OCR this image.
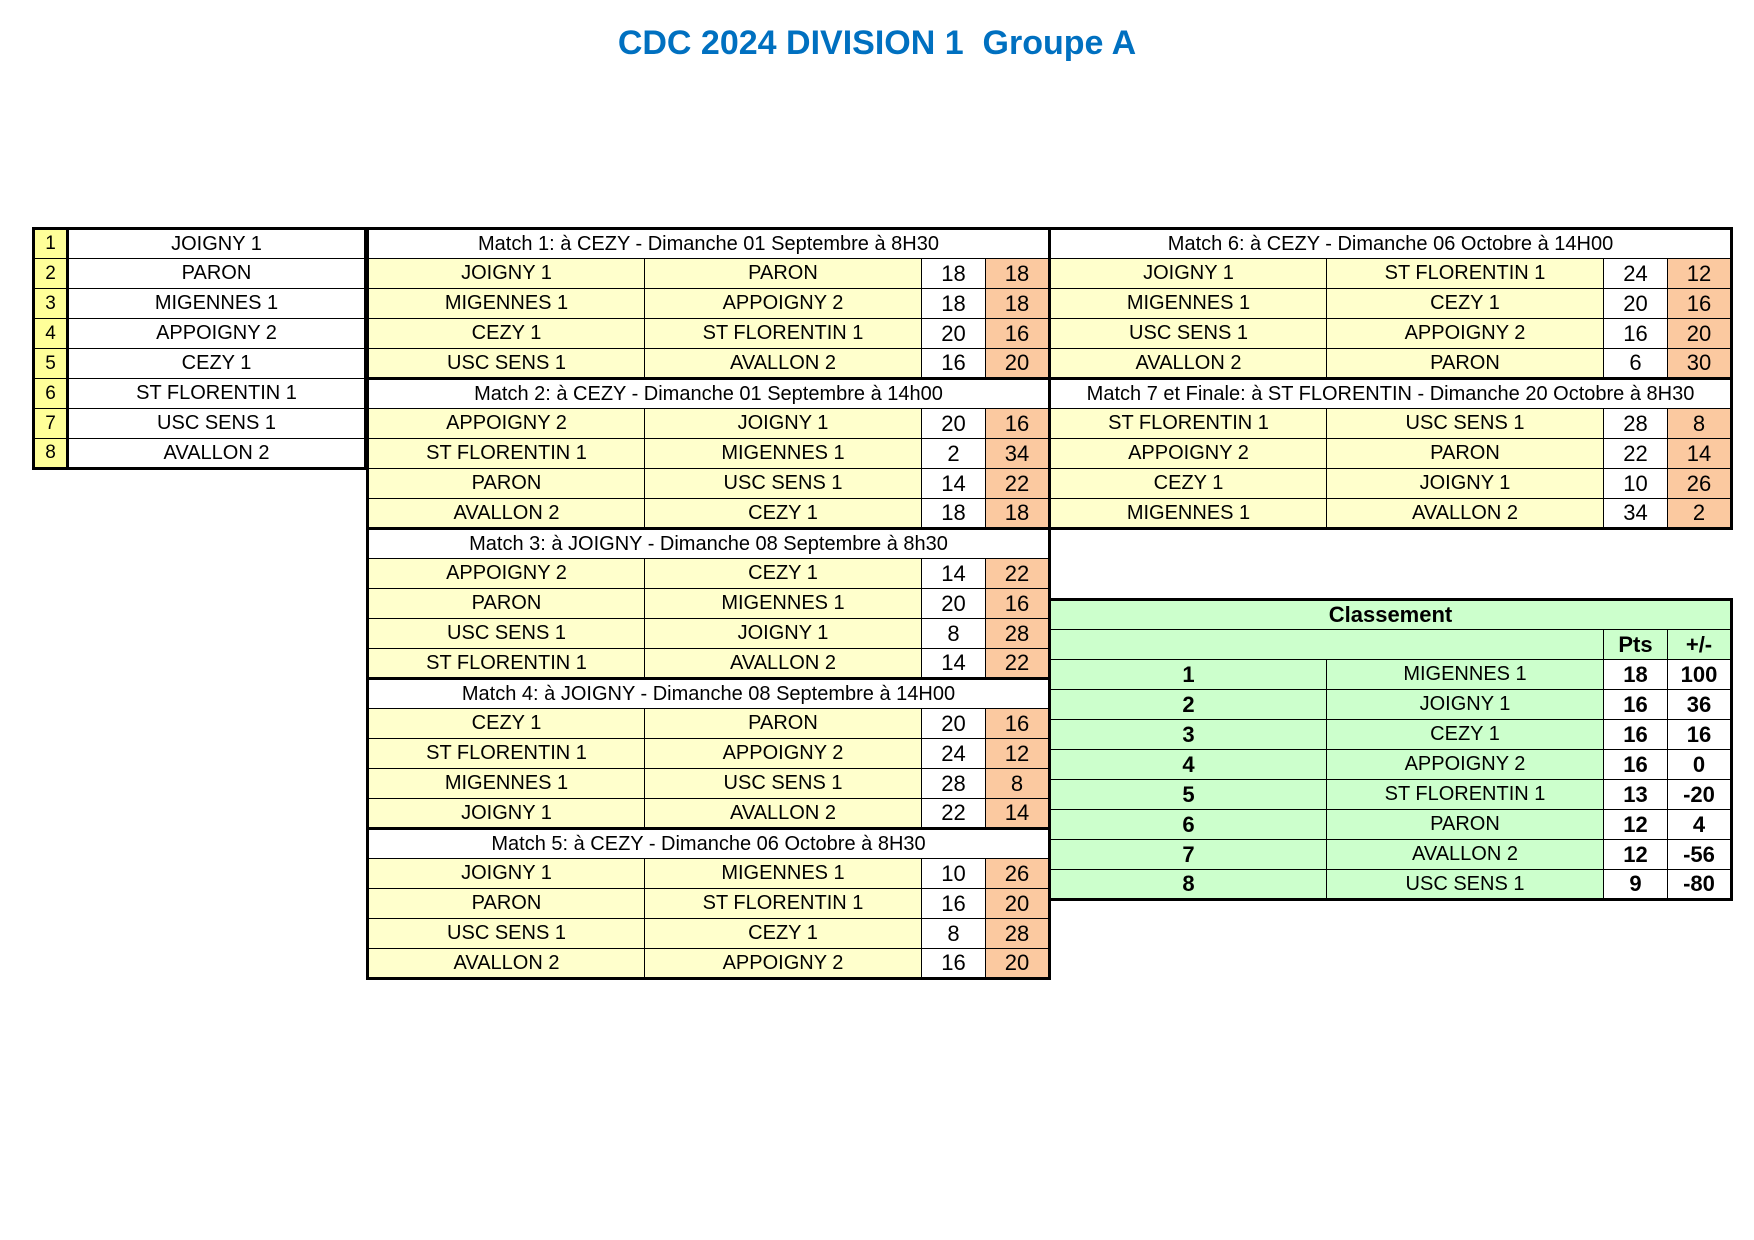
CDC 2024 DIVISION 1  Groupe A
1	JOIGNY 1
2	PARON
3	MIGENNES 1
4	APPOIGNY 2
5	CEZY 1
6	ST FLORENTIN 1
7	USC SENS 1
8	AVALLON 2
Match 1: à CEZY - Dimanche 01 Septembre à 8H30			
JOIGNY 1	PARON	18	18
MIGENNES 1	APPOIGNY 2	18	18
CEZY 1	ST FLORENTIN 1	20	16
USC SENS 1	AVALLON 2	16	20
Match 2: à CEZY - Dimanche 01 Septembre à 14h00			
APPOIGNY 2	JOIGNY 1	20	16
ST FLORENTIN 1	MIGENNES 1	2	34
PARON	USC SENS 1	14	22
AVALLON 2	CEZY 1	18	18
Match 3: à JOIGNY - Dimanche 08 Septembre à 8h30			
APPOIGNY 2	CEZY 1	14	22
PARON	MIGENNES 1	20	16
USC SENS 1	JOIGNY 1	8	28
ST FLORENTIN 1	AVALLON 2	14	22
Match 4: à JOIGNY - Dimanche 08 Septembre à 14H00			
CEZY 1	PARON	20	16
ST FLORENTIN 1	APPOIGNY 2	24	12
MIGENNES 1	USC SENS 1	28	8
JOIGNY 1	AVALLON 2	22	14
Match 5: à CEZY - Dimanche 06 Octobre à 8H30			
JOIGNY 1	MIGENNES 1	10	26
PARON	ST FLORENTIN 1	16	20
USC SENS 1	CEZY 1	8	28
AVALLON 2	APPOIGNY 2	16	20
Match 6: à CEZY - Dimanche 06 Octobre à 14H00			
JOIGNY 1	ST FLORENTIN 1	24	12
MIGENNES 1	CEZY 1	20	16
USC SENS 1	APPOIGNY 2	16	20
AVALLON 2	PARON	6	30
Match 7 et Finale: à ST FLORENTIN - Dimanche 20 Octobre à 8H30			
ST FLORENTIN 1	USC SENS 1	28	8
APPOIGNY 2	PARON	22	14
CEZY 1	JOIGNY 1	10	26
MIGENNES 1	AVALLON 2	34	2
Classement			
		Pts	+/-
1	MIGENNES 1	18	100
2	JOIGNY 1	16	36
3	CEZY 1	16	16
4	APPOIGNY 2	16	0
5	ST FLORENTIN 1	13	-20
6	PARON	12	4
7	AVALLON 2	12	-56
8	USC SENS 1	9	-80
